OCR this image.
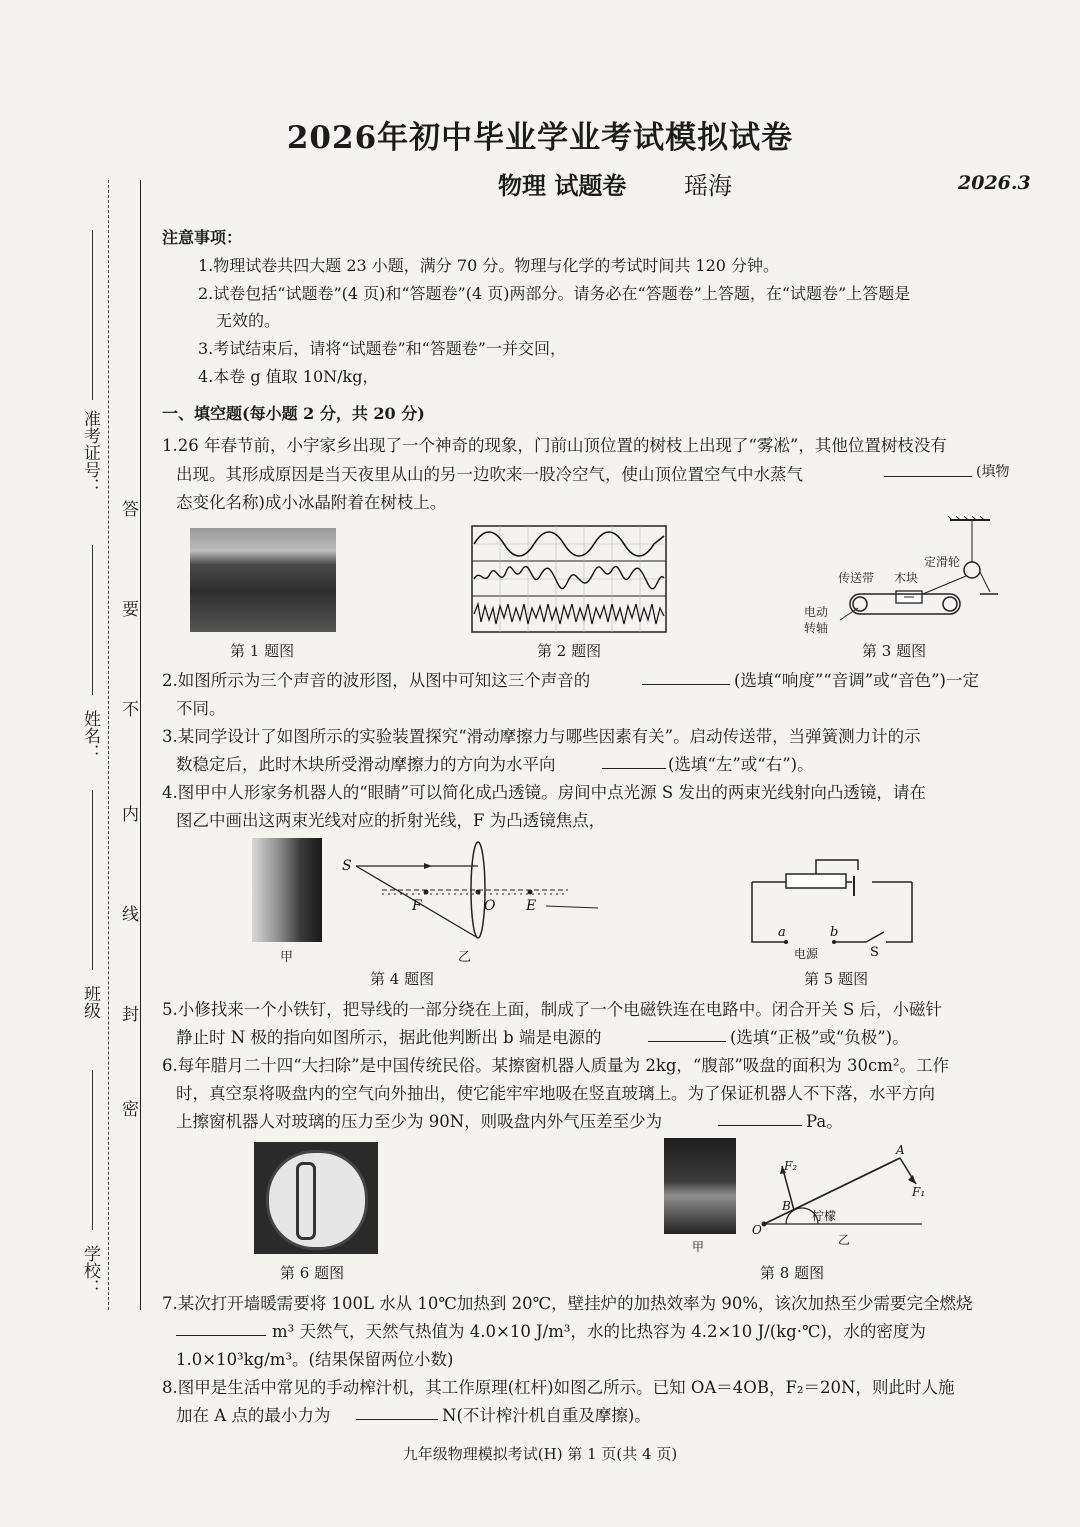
2026年初中毕业学业考试模拟试卷
物理 试题卷 瑶海	2026.3
准考证号：
姓名：
班级
学校：
答
要
不
内
线
封
密
注意事项：
1.物理试卷共四大题 23 小题，满分 70 分。物理与化学的考试时间共 120 分钟。
2.试卷包括“试题卷”(4 页)和“答题卷”(4 页)两部分。请务必在“答题卷”上答题，在“试题卷”上答题是
无效的。
3.考试结束后，请将“试题卷”和“答题卷”一并交回，
4.本卷 g 值取 10N/kg，
一、填空题(每小题 2 分，共 20 分)
1.26 年春节前，小宇家乡出现了一个神奇的现象，门前山顶位置的树枝上出现了“雾凇”，其他位置树枝没有
出现。其形成原因是当天夜里从山的另一边吹来一股冷空气，使山顶位置空气中水蒸气	(填物
态变化名称)成小冰晶附着在树枝上。
第 1 题图	第 2 题图
传送带 木块
定滑轮
电动
转轴
第 3 题图
2.如图所示为三个声音的波形图，从图中可知这三个声音的	(选填“响度”“音调”或“音色”)一定
不同。
3.某同学设计了如图所示的实验装置探究“滑动摩擦力与哪些因素有关”。启动传送带，当弹簧测力计的示
数稳定后，此时木块所受滑动摩擦力的方向为水平向	(选填“左”或“右”)。
4.图甲中人形家务机器人的“眼睛”可以简化成凸透镜。房间中点光源 S 发出的两束光线射向凸透镜，请在
图乙中画出这两束光线对应的折射光线，F 为凸透镜焦点，
S
F	O E
甲	乙
第 4 题图
a	b
电源	S
第 5 题图
5.小修找来一个小铁钉，把导线的一部分绕在上面，制成了一个电磁铁连在电路中。闭合开关 S 后，小磁针
静止时 N 极的指向如图所示，据此他判断出 b 端是电源的	(选填“正极”或“负极”)。
6.每年腊月二十四“大扫除”是中国传统民俗。某擦窗机器人质量为 2kg，“腹部”吸盘的面积为 30cm²。工作
时，真空泵将吸盘内的空气向外抽出，使它能牢牢地吸在竖直玻璃上。为了保证机器人不下落，水平方向
上擦窗机器人对玻璃的压力至少为 90N，则吸盘内外气压差至少为	Pa。
第 6 题图
甲
A
B
O
F₁
F₂
柠檬
乙
第 8 题图
7.某次打开墙暖需要将 100L 水从 10℃加热到 20℃，壁挂炉的加热效率为 90%，该次加热至少需要完全燃烧
m³ 天然气，天然气热值为 4.0×10 J/m³，水的比热容为 4.2×10 J/(kg·℃)，水的密度为
1.0×10³kg/m³。(结果保留两位小数)
8.图甲是生活中常见的手动榨汁机，其工作原理(杠杆)如图乙所示。已知 OA＝4OB，F₂＝20N，则此时人施
加在 A 点的最小力为	N(不计榨汁机自重及摩擦)。
九年级物理模拟考试(H) 第 1 页(共 4 页)
